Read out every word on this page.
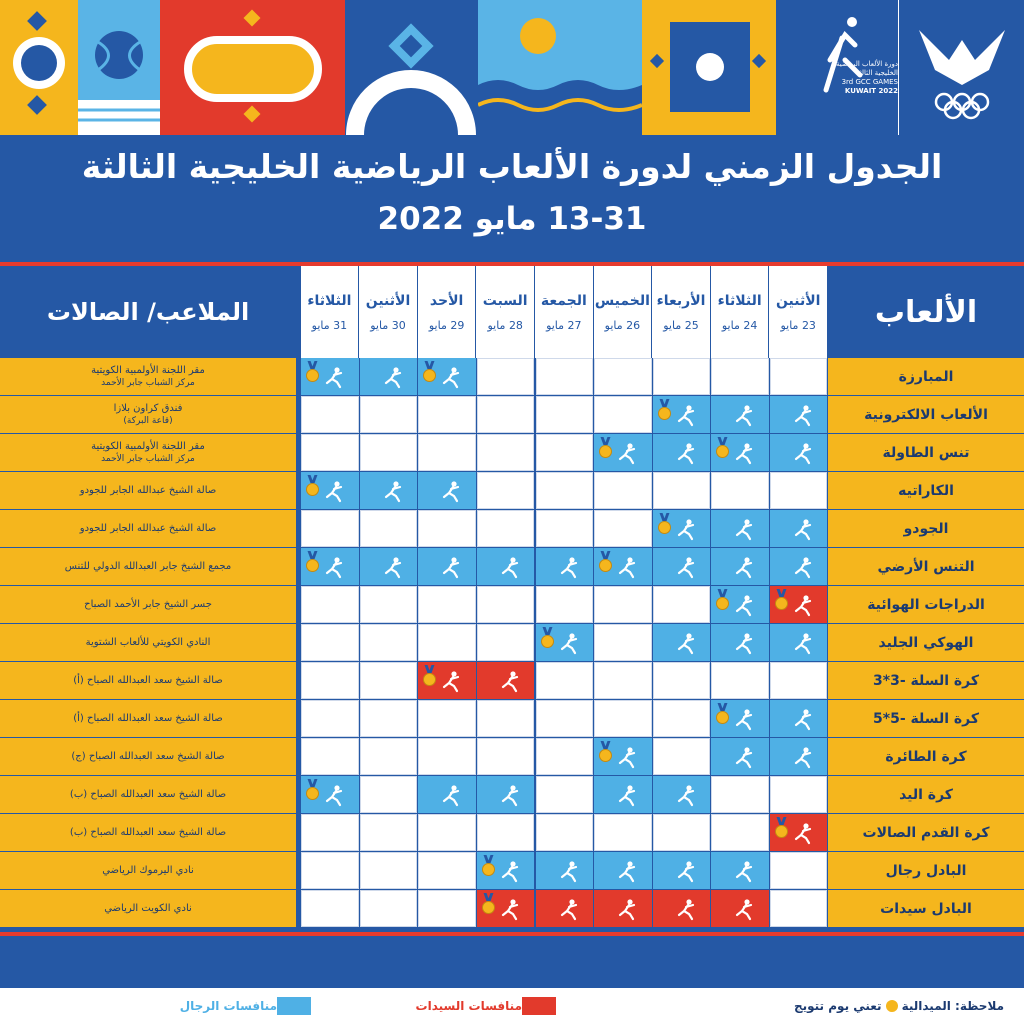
دورة الألعاب الرياضية
الخليجية الثالثة
3rd GCC GAMES
KUWAIT 2022
الجدول الزمني لدورة الألعاب الرياضية الخليجية الثالثة
13-31 مايو 2022
الألعاب
الملاعب/ الصالات	الأثنين
23 مايو
الثلاثاء
24 مايو
الأربعاء
25 مايو
الخميس
26 مايو
الجمعة
27 مايو
السبت
28 مايو
الأحد
29 مايو
الأثنين
30 مايو
الثلاثاء
31 مايو
المبارزة
مقر اللجنة الأولمبية الكويتية
مركز الشباب جابر الأحمد
الألعاب الالكترونية
فندق كراون بلازا
(قاعة البركة)
تنس الطاولة
مقر اللجنة الأولمبية الكويتية
مركز الشباب جابر الأحمد
الكاراتيه
صالة الشيخ عبدالله الجابر للجودو
الجودو
صالة الشيخ عبدالله الجابر للجودو
التنس الأرضي
مجمع الشيخ جابر العبدالله الدولي للتنس
الدراجات الهوائية
جسر الشيخ جابر الأحمد الصباح
الهوكي الجليد
النادي الكويتي للألعاب الشتوية
كرة السلة -3*3
صالة الشيخ سعد العبدالله الصباح (أ)
كرة السلة -5*5
صالة الشيخ سعد العبدالله الصباح (أ)
كرة الطائرة
صالة الشيخ سعد العبدالله الصباح (ج)
كرة اليد
صالة الشيخ سعد العبدالله الصباح (ب)
كرة القدم الصالات
صالة الشيخ سعد العبدالله الصباح (ب)
البادل رجال
نادي اليرموك الرياضي
البادل سيدات
نادي الكويت الرياضي
ملاحظة: الميدالية
تعني يوم تتويج
منافسات السيدات
منافسات الرجال
